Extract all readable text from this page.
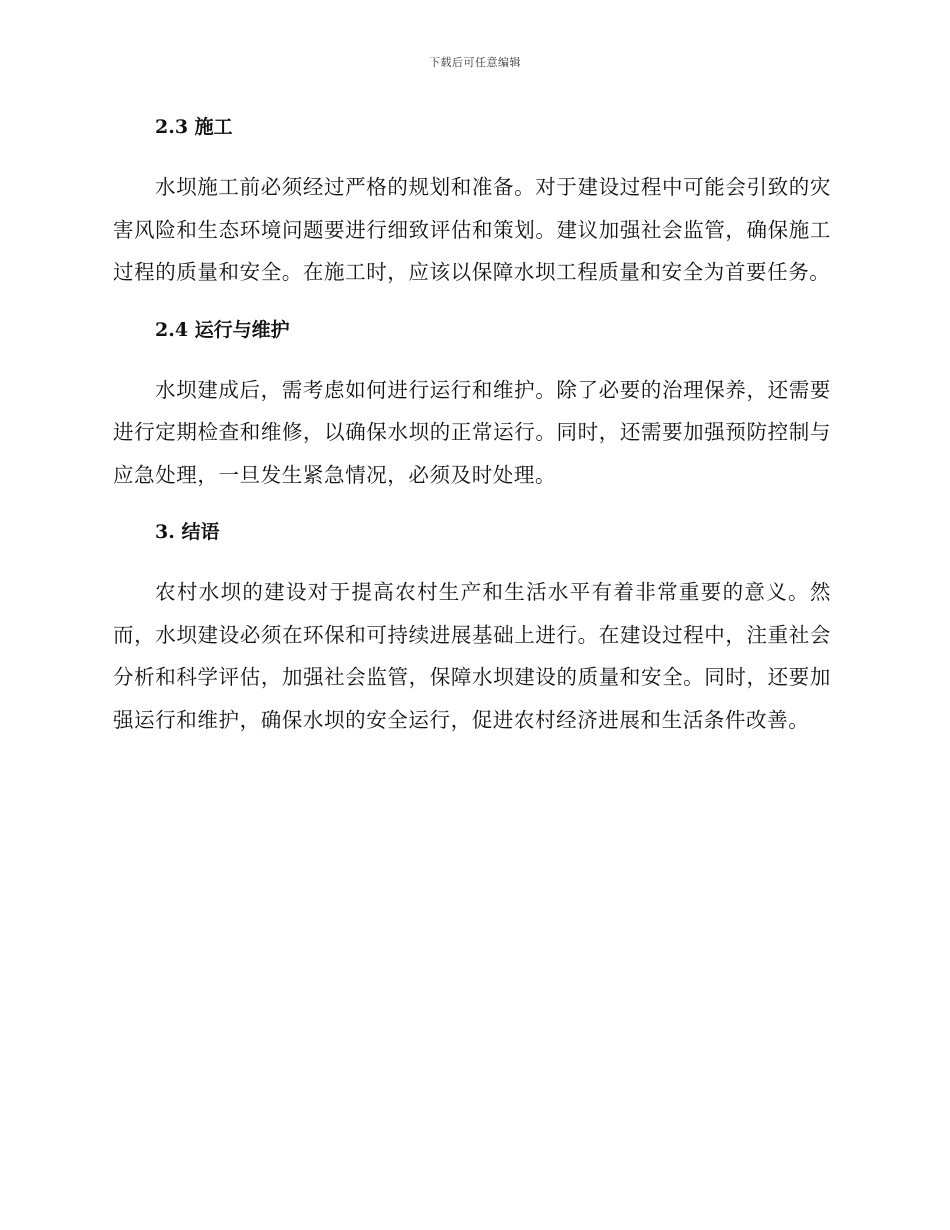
下载后可任意编辑
2.3 施工

水坝施工前必须经过严格的规划和准备。对于建设过程中可能会引致的灾害风险和生态环境问题要进行细致评估和策划。建议加强社会监管，确保施工过程的质量和安全。在施工时，应该以保障水坝工程质量和安全为首要任务。

2.4 运行与维护

水坝建成后，需考虑如何进行运行和维护。除了必要的治理保养，还需要进行定期检查和维修，以确保水坝的正常运行。同时，还需要加强预防控制与应急处理，一旦发生紧急情况，必须及时处理。

3. 结语

农村水坝的建设对于提高农村生产和生活水平有着非常重要的意义。然而，水坝建设必须在环保和可持续进展基础上进行。在建设过程中，注重社会分析和科学评估，加强社会监管，保障水坝建设的质量和安全。同时，还要加强运行和维护，确保水坝的安全运行，促进农村经济进展和生活条件改善。
